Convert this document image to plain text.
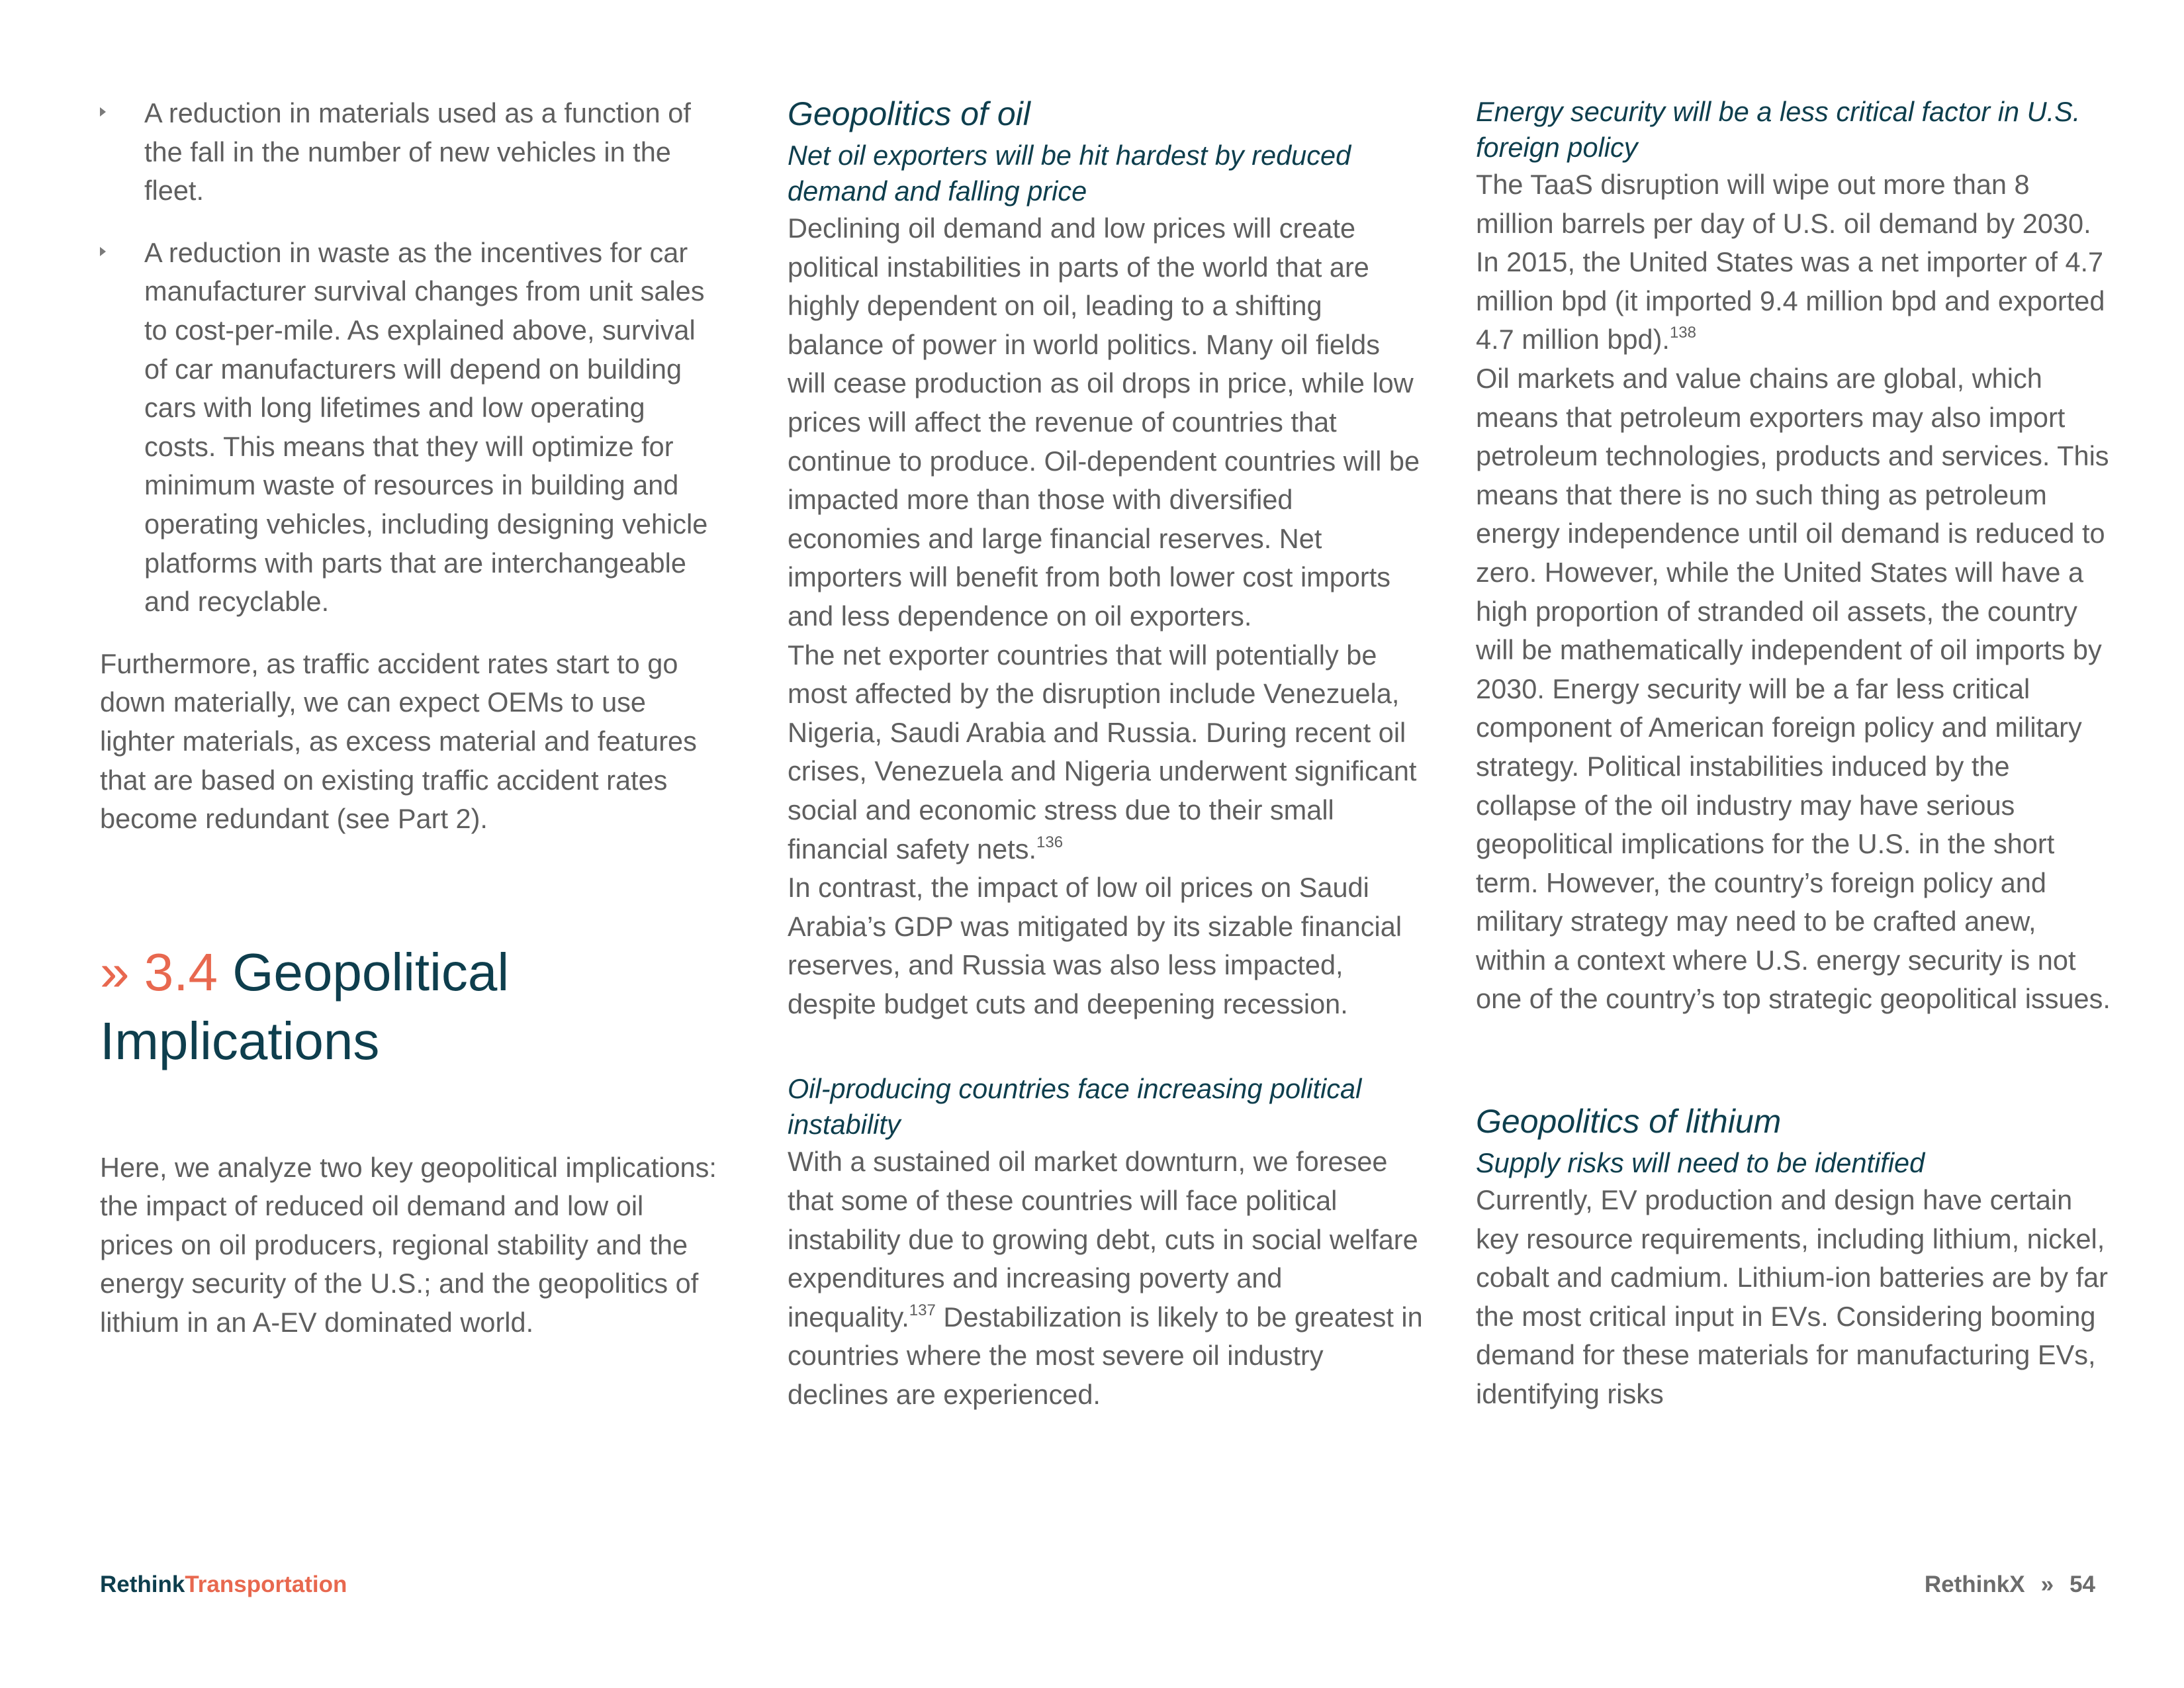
A reduction in materials used as a function of the fall in the number of new vehicles in the fleet.

A reduction in waste as the incentives for car manufacturer survival changes from unit sales to cost-per-mile. As explained above, survival of car manufacturers will depend on building cars with long lifetimes and low operating costs. This means that they will optimize for minimum waste of resources in building and operating vehicles, including designing vehicle platforms with parts that are interchangeable and recyclable.

Furthermore, as traffic accident rates start to go down materially, we can expect OEMs to use lighter materials, as excess material and features that are based on existing traffic accident rates become redundant (see Part 2).

» 3.4 Geopolitical Implications

Here, we analyze two key geopolitical implications: the impact of reduced oil demand and low oil prices on oil producers, regional stability and the energy security of the U.S.; and the geopolitics of lithium in an A-EV dominated world.

Geopolitics of oil

Net oil exporters will be hit hardest by reduced demand and falling price

Declining oil demand and low prices will create political instabilities in parts of the world that are highly dependent on oil, leading to a shifting balance of power in world politics. Many oil fields will cease production as oil drops in price, while low prices will affect the revenue of countries that continue to produce. Oil-dependent countries will be impacted more than those with diversified economies and large financial reserves. Net importers will benefit from both lower cost imports and less dependence on oil exporters.

The net exporter countries that will potentially be most affected by the disruption include Venezuela, Nigeria, Saudi Arabia and Russia. During recent oil crises, Venezuela and Nigeria underwent significant social and economic stress due to their small financial safety nets.$^{136}$
In contrast, the impact of low oil prices on Saudi Arabia’s GDP was mitigated by its sizable financial reserves, and Russia was also less impacted, despite budget cuts and deepening recession.

Oil-producing countries face increasing political instability

With a sustained oil market downturn, we foresee that some of these countries will face political instability due to growing debt, cuts in social welfare expenditures and increasing poverty and inequality.$^{137}$ Destabilization is likely to be greatest in countries where the most severe oil industry declines are experienced.

Energy security will be a less critical factor in U.S. foreign policy

The TaaS disruption will wipe out more than 8 million barrels per day of U.S. oil demand by 2030. In 2015, the United States was a net importer of 4.7 million bpd (it imported 9.4 million bpd and exported 4.7 million bpd).$^{138}$
Oil markets and value chains are global, which means that petroleum exporters may also import petroleum technologies, products and services. This means that there is no such thing as petroleum energy independence until oil demand is reduced to zero. However, while the United States will have a high proportion of stranded oil assets, the country will be mathematically independent of oil imports by 2030. Energy security will be a far less critical component of American foreign policy and military strategy. Political instabilities induced by the collapse of the oil industry may have serious geopolitical implications for the U.S. in the short term. However, the country’s foreign policy and military strategy may need to be crafted anew, within a context where U.S. energy security is not one of the country’s top strategic geopolitical issues.

Geopolitics of lithium

Supply risks will need to be identified

Currently, EV production and design have certain key resource requirements, including lithium, nickel, cobalt and cadmium. Lithium-ion batteries are by far the most critical input in EVs. Considering booming demand for these materials for manufacturing EVs, identifying risks

RethinkTransportation	RethinkX » 54
